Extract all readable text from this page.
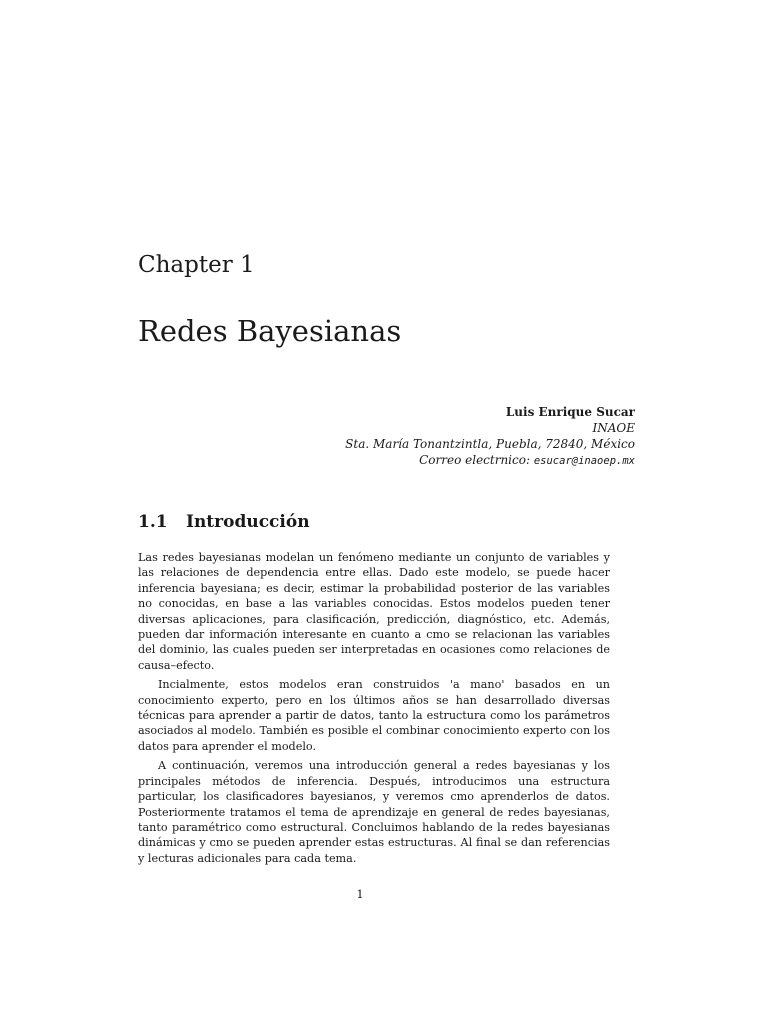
Chapter 1
Redes Bayesianas
Luis Enrique Sucar
INAOE
Sta. María Tonantzintla, Puebla, 72840, México
Correo electrnico: esucar@inaoep.mx
1.1 Introducción

Las redes bayesianas modelan un fenómeno mediante un conjunto de variables y las relaciones de dependencia entre ellas. Dado este modelo, se puede hacer inferencia bayesiana; es decir, estimar la probabilidad posterior de las variables no conocidas, en base a las variables conocidas. Estos modelos pueden tener diversas aplicaciones, para clasificación, predicción, diagnóstico, etc. Además, pueden dar información interesante en cuanto a cmo se relacionan las variables del dominio, las cuales pueden ser interpretadas en ocasiones como relaciones de causa–efecto.

Incialmente, estos modelos eran construidos 'a mano' basados en un conocimiento experto, pero en los últimos años se han desarrollado diversas técnicas para aprender a partir de datos, tanto la estructura como los parámetros asociados al modelo. También es posible el combinar conocimiento experto con los datos para aprender el modelo.

A continuación, veremos una introducción general a redes bayesianas y los principales métodos de inferencia. Después, introducimos una estructura particular, los clasificadores bayesianos, y veremos cmo aprenderlos de datos. Posteriormente tratamos el tema de aprendizaje en general de redes bayesianas, tanto paramétrico como estructural. Concluimos hablando de la redes bayesianas dinámicas y cmo se pueden aprender estas estructuras. Al final se dan referencias y lecturas adicionales para cada tema.

1
